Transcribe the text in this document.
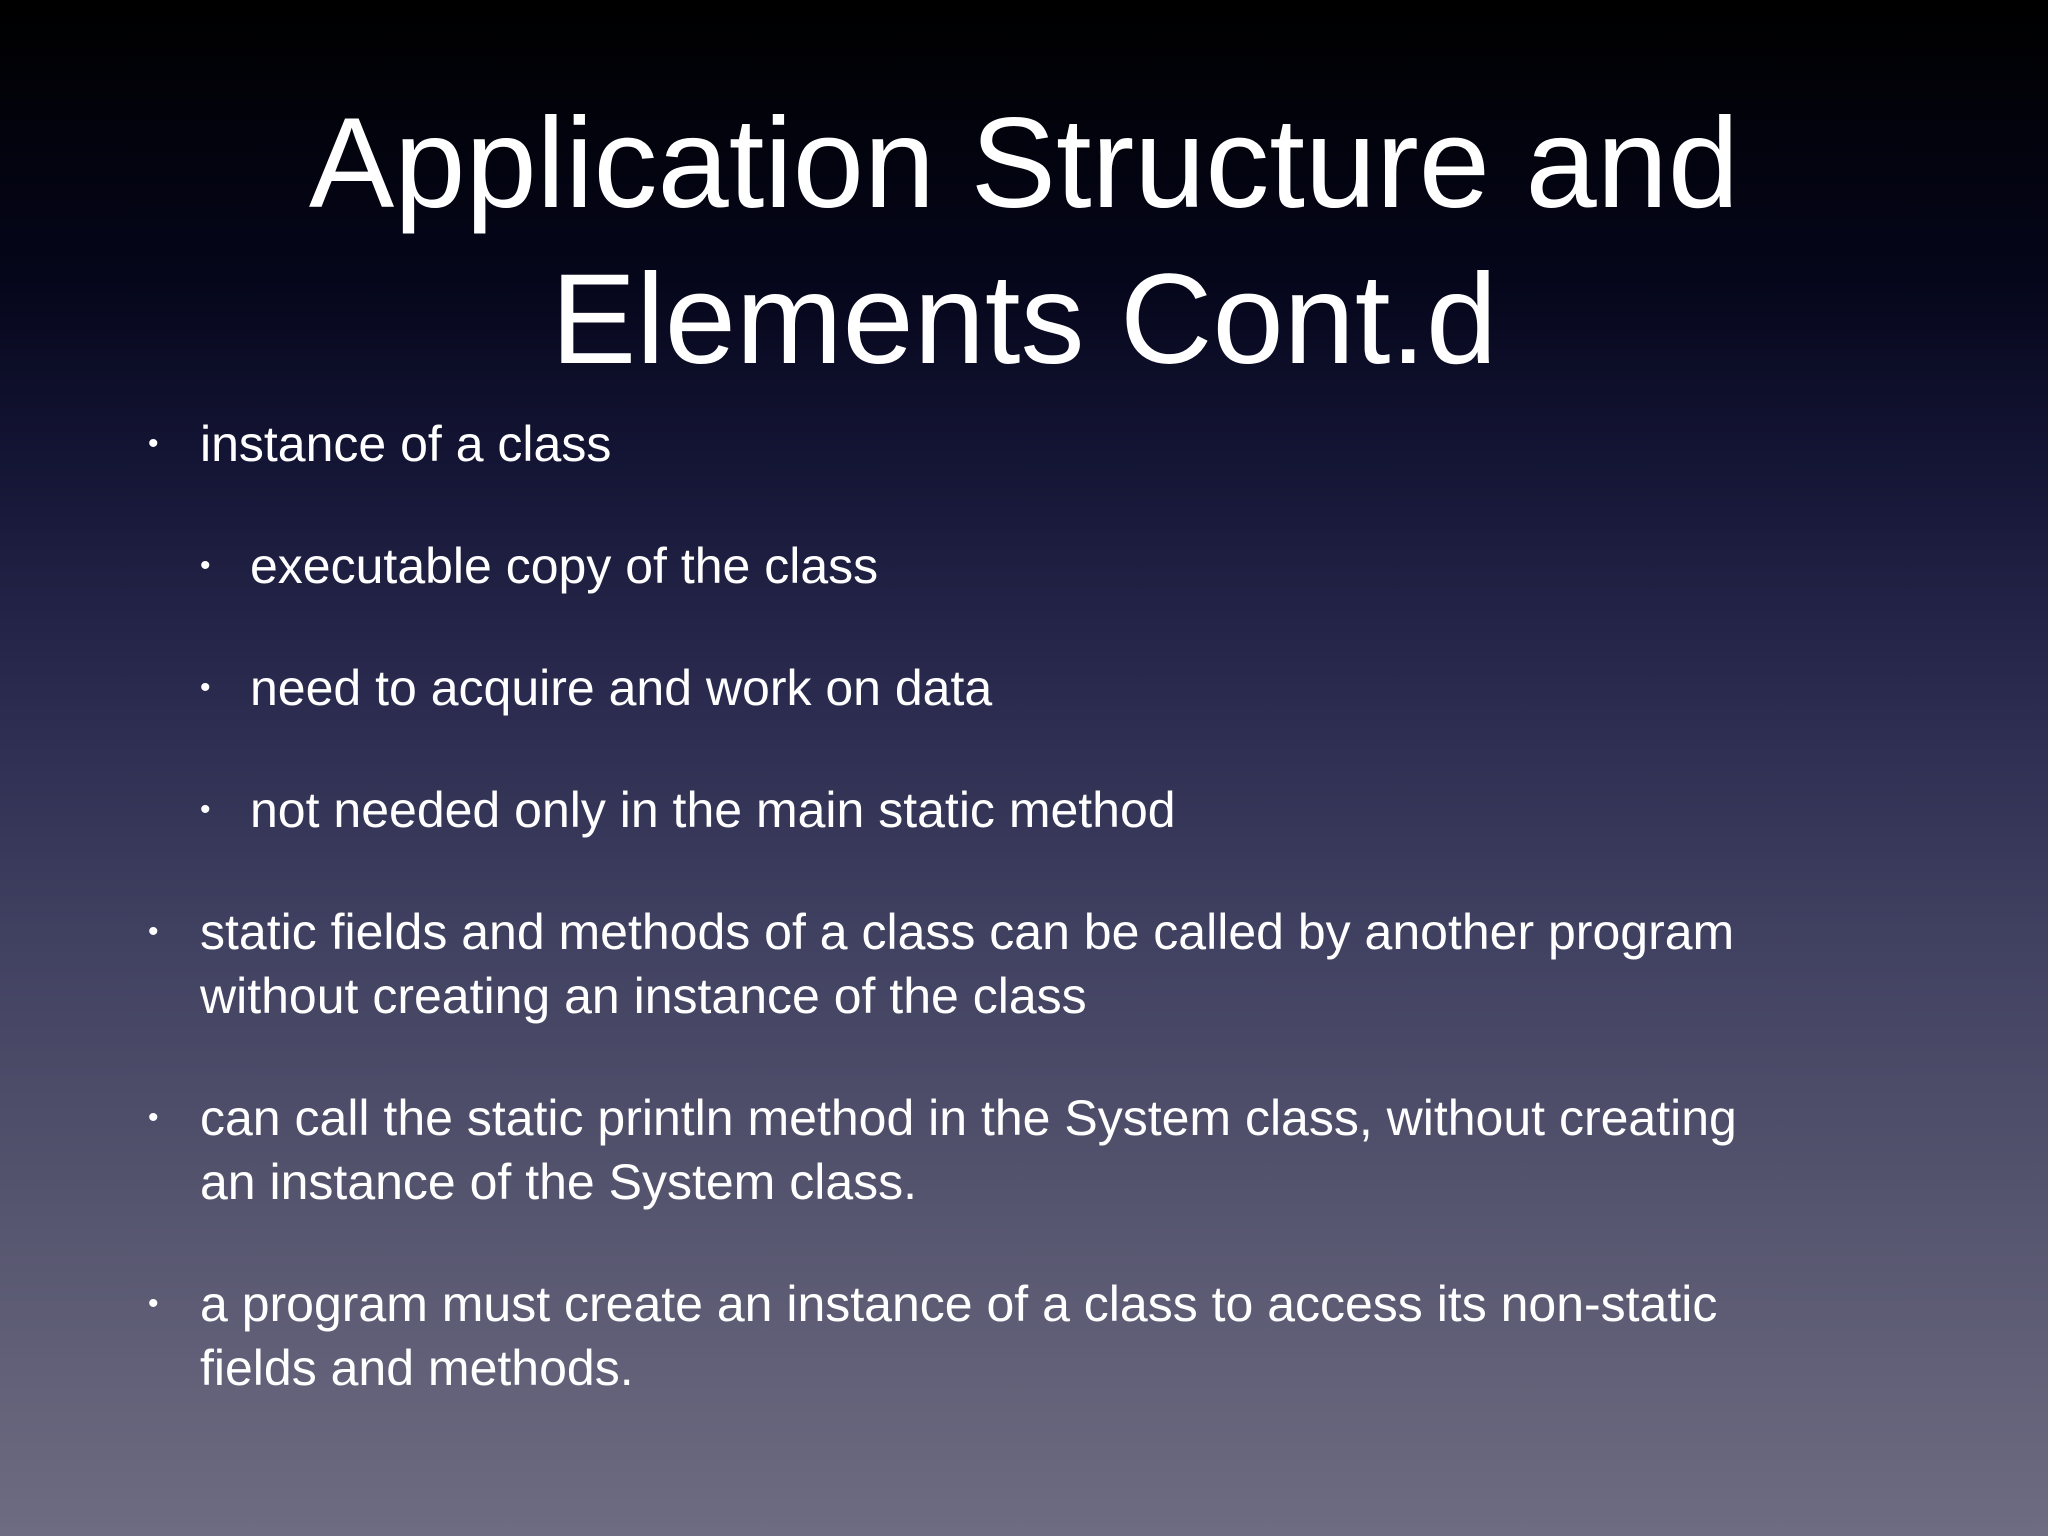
Application Structure and
Elements Cont.d
• instance of a class
• executable copy of the class
• need to acquire and work on data
• not needed only in the main static method
• static fields and methods of a class can be called by another program
without creating an instance of the class
• can call the static println method in the System class, without creating
an instance of the System class.
• a program must create an instance of a class to access its non-static
fields and methods.
